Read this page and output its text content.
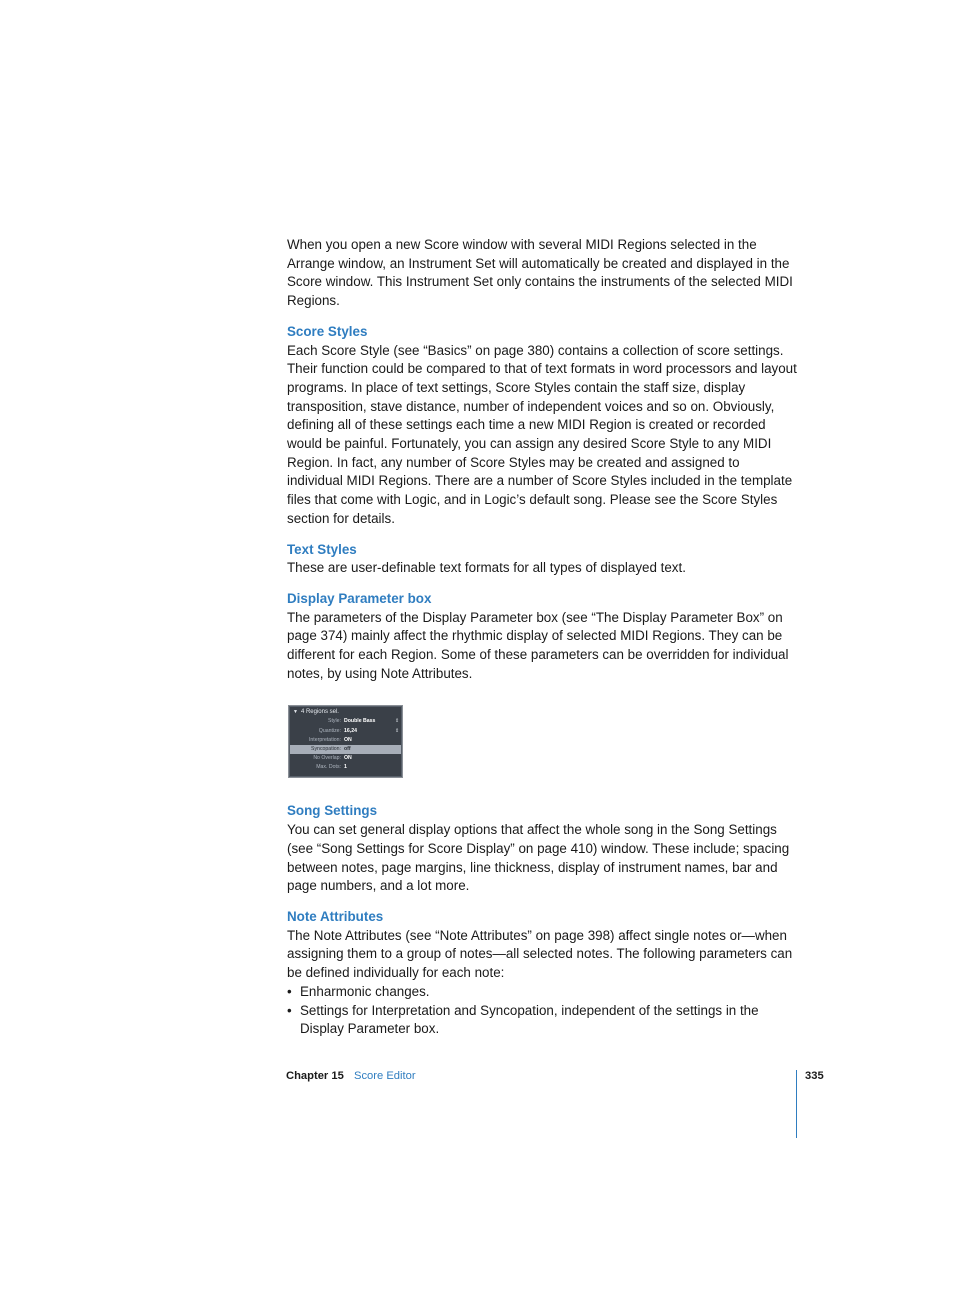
When you open a new Score window with several MIDI Regions selected in the Arrange window, an Instrument Set will automatically be created and displayed in the Score window. This Instrument Set only contains the instruments of the selected MIDI Regions.

Score Styles

Each Score Style (see “Basics” on page 380) contains a collection of score settings. Their function could be compared to that of text formats in word processors and layout programs. In place of text settings, Score Styles contain the staff size, display transposition, stave distance, number of independent voices and so on. Obviously, defining all of these settings each time a new MIDI Region is created or recorded would be painful. Fortunately, you can assign any desired Score Style to any MIDI Region. In fact, any number of Score Styles may be created and assigned to individual MIDI Regions. There are a number of Score Styles included in the template files that come with Logic, and in Logic’s default song. Please see the Score Styles section for details.

Text Styles

These are user-definable text formats for all types of displayed text.

Display Parameter box

The parameters of the Display Parameter box (see “The Display Parameter Box” on page 374) mainly affect the rhythmic display of selected MIDI Regions. They can be different for each Region. Some of these parameters can be overridden for individual notes, by using Note Attributes.

▼ 4 Regions sel.
Style: Double Bass	⇕
Quantize: 16,24	⇕
Interpretation: ON
Syncopation: off
No Overlap: ON
Max. Dots: 1
Song Settings

You can set general display options that affect the whole song in the Song Settings (see “Song Settings for Score Display” on page 410) window. These include; spacing between notes, page margins, line thickness, display of instrument names, bar and page numbers, and a lot more.

Note Attributes

The Note Attributes (see “Note Attributes” on page 398) affect single notes or—when assigning them to a group of notes—all selected notes. The following parameters can be defined individually for each note:

• Enharmonic changes.
• Settings for Interpretation and Syncopation, independent of the settings in the Display Parameter box.
Chapter 15 Score Editor	335
